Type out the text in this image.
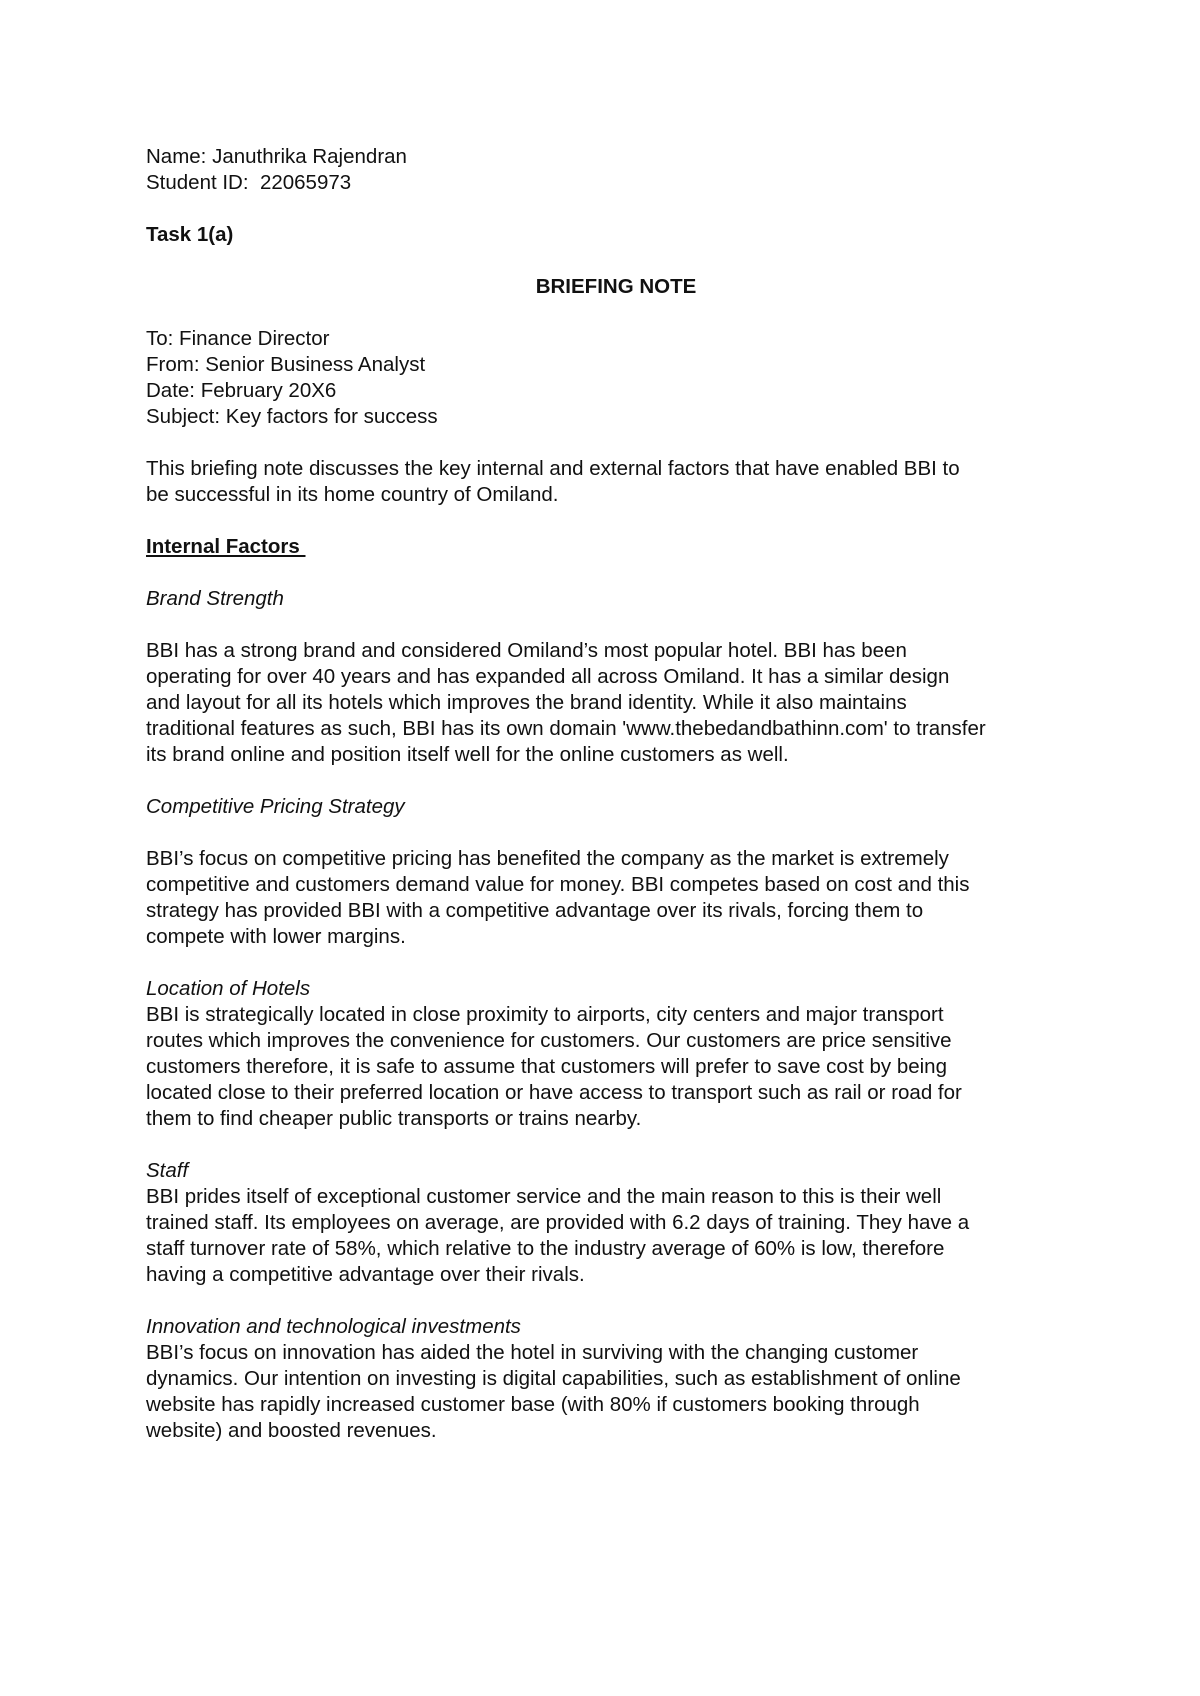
Name: Januthrika Rajendran
Student ID:  22065973
Task 1(a)
BRIEFING NOTE
To: Finance Director
From: Senior Business Analyst
Date: February 20X6
Subject: Key factors for success
This briefing note discusses the key internal and external factors that have enabled BBI to
be successful in its home country of Omiland.
Internal Factors
Brand Strength
BBI has a strong brand and considered Omiland’s most popular hotel. BBI has been
operating for over 40 years and has expanded all across Omiland. It has a similar design
and layout for all its hotels which improves the brand identity. While it also maintains
traditional features as such, BBI has its own domain 'www.thebedandbathinn.com' to transfer
its brand online and position itself well for the online customers as well.
Competitive Pricing Strategy
BBI’s focus on competitive pricing has benefited the company as the market is extremely
competitive and customers demand value for money. BBI competes based on cost and this
strategy has provided BBI with a competitive advantage over its rivals, forcing them to
compete with lower margins.
Location of Hotels
BBI is strategically located in close proximity to airports, city centers and major transport
routes which improves the convenience for customers. Our customers are price sensitive
customers therefore, it is safe to assume that customers will prefer to save cost by being
located close to their preferred location or have access to transport such as rail or road for
them to find cheaper public transports or trains nearby.
Staff
BBI prides itself of exceptional customer service and the main reason to this is their well
trained staff. Its employees on average, are provided with 6.2 days of training. They have a
staff turnover rate of 58%, which relative to the industry average of 60% is low, therefore
having a competitive advantage over their rivals.
Innovation and technological investments
BBI’s focus on innovation has aided the hotel in surviving with the changing customer
dynamics. Our intention on investing is digital capabilities, such as establishment of online
website has rapidly increased customer base (with 80% if customers booking through
website) and boosted revenues.
